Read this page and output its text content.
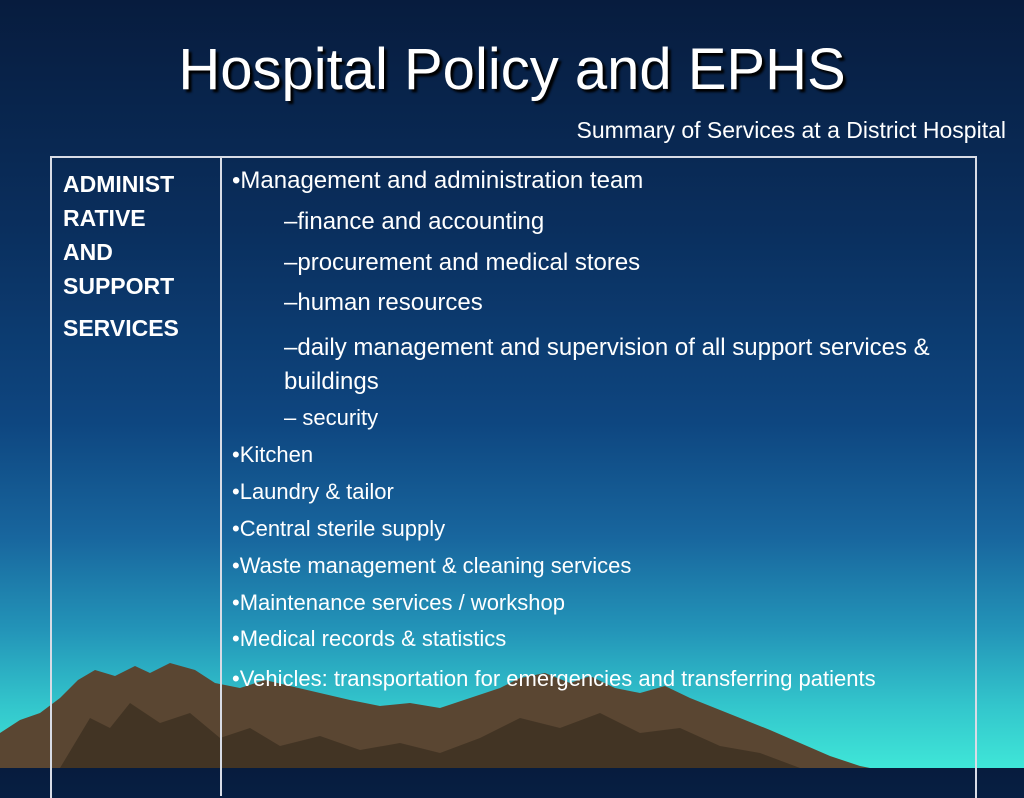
Hospital Policy and EPHS
Summary of Services at a District Hospital
ADMINIST
RATIVE
AND
SUPPORT
SERVICES
•Management and administration team
–finance and accounting
–procurement and medical stores
–human resources
–daily management and supervision of all support services & buildings
– security
•Kitchen
•Laundry & tailor
•Central sterile supply
•Waste management & cleaning services
•Maintenance services / workshop
•Medical records & statistics
•Vehicles: transportation for emergencies and transferring patients
